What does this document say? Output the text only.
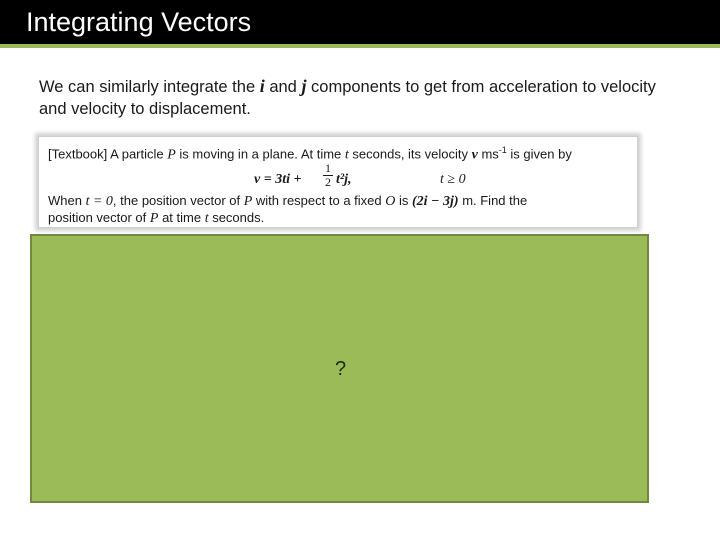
Integrating Vectors
We can similarly integrate the i and j components to get from acceleration to velocity and velocity to displacement.
[Textbook] A particle P is moving in a plane. At time t seconds, its velocity v $ms^{-1}$ is given by
$v = 3ti + \frac{1}{2} t^2j$,	t ≥ 0
When t = 0, the position vector of P with respect to a fixed O is (2i − 3j) m. Find the
position vector of P at time t seconds.
?
